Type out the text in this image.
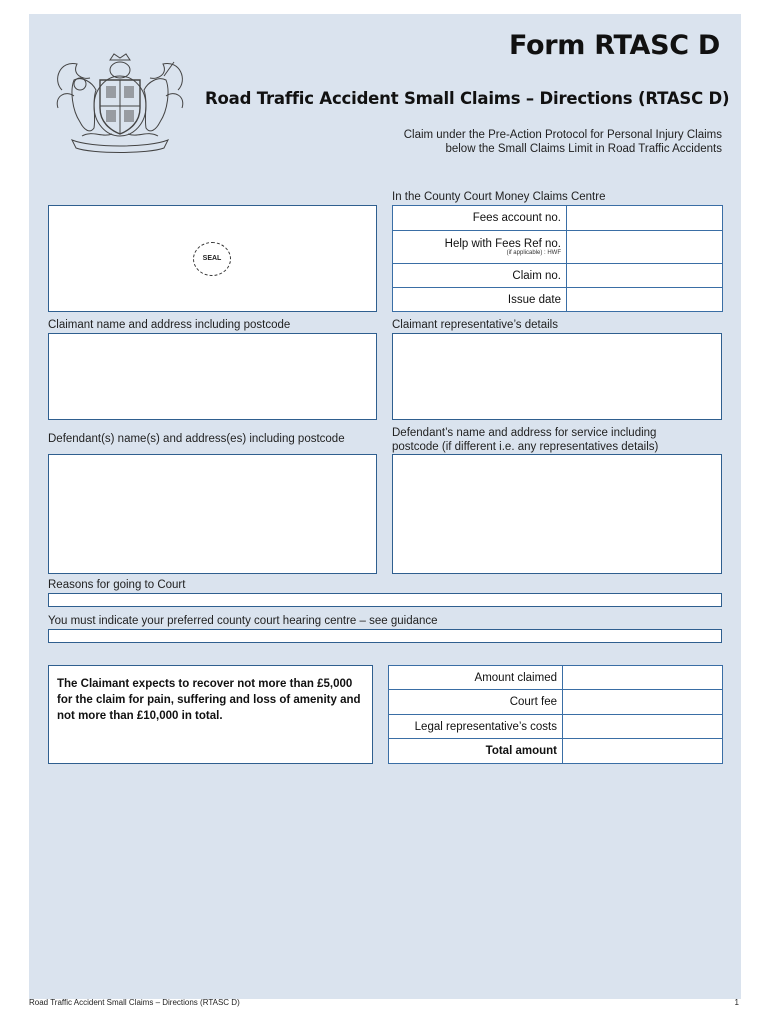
Form RTASC D
Road Traffic Accident Small Claims – Directions (RTASC D)
Claim under the Pre-Action Protocol for Personal Injury Claims
below the Small Claims Limit in Road Traffic Accidents
In the County Court Money Claims Centre
SEAL
Fees account no.	
Help with Fees Ref no.
(if applicable) : HWF	

Claim no.	
Issue date	
Claimant name and address including postcode	Claimant representative’s details
Defendant(s) name(s) and address(es) including postcode	Defendant’s name and address for service including
postcode (if different i.e. any representatives details)
Reasons for going to Court
You must indicate your preferred county court hearing centre – see guidance
The Claimant expects to recover not more than £5,000 for the claim for pain, suffering and loss of amenity and not more than £10,000 in total.
Amount claimed	
Court fee	
Legal representative’s costs	
Total amount	
Road Traffic Accident Small Claims – Directions (RTASC D)	1
